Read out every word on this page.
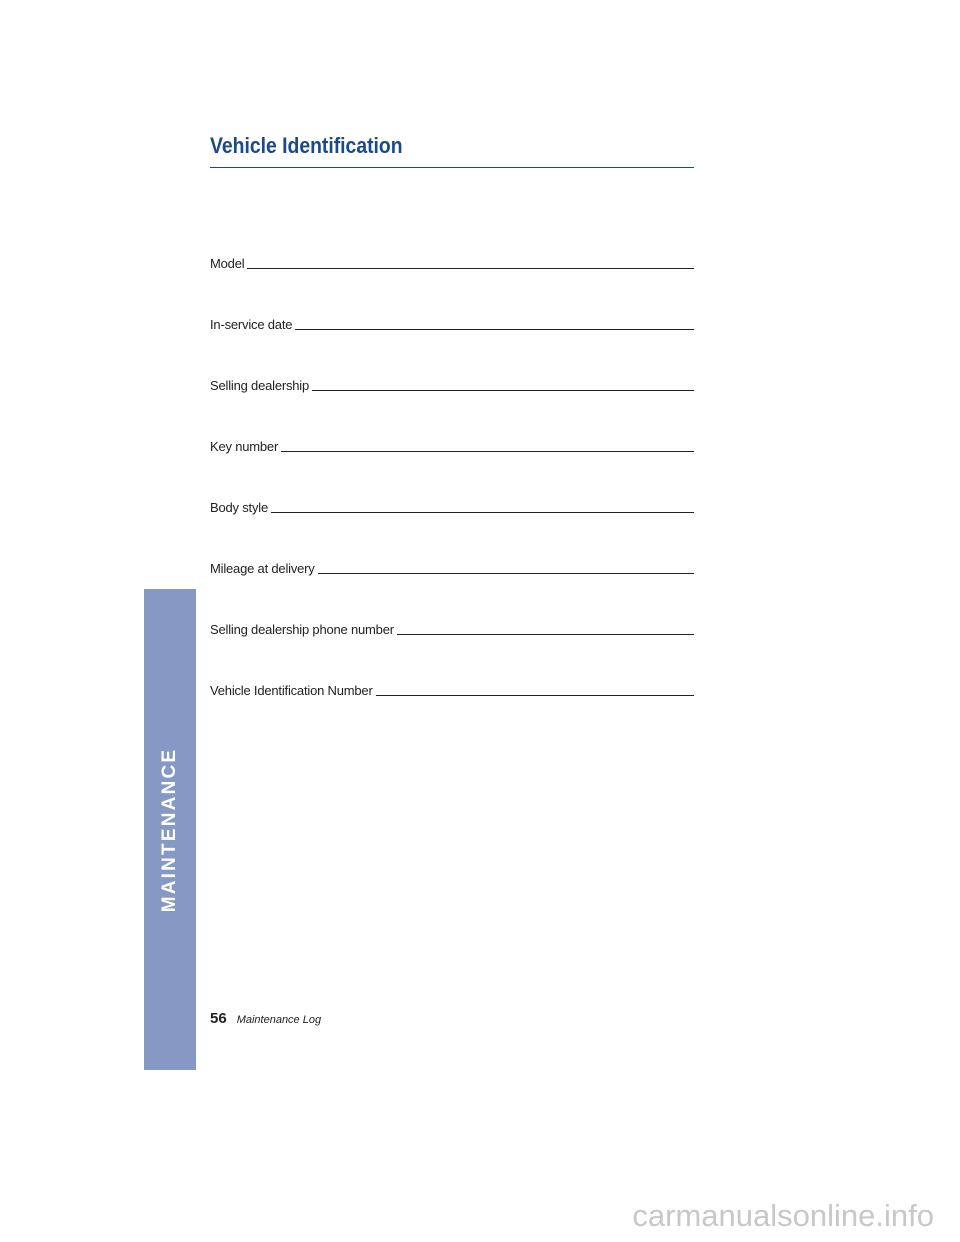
MAINTENANCE
Vehicle Identification
Model
In-service date
Selling dealership
Key number
Body style
Mileage at delivery
Selling dealership phone number
Vehicle Identification Number
56 Maintenance Log
carmanualsonline.info
